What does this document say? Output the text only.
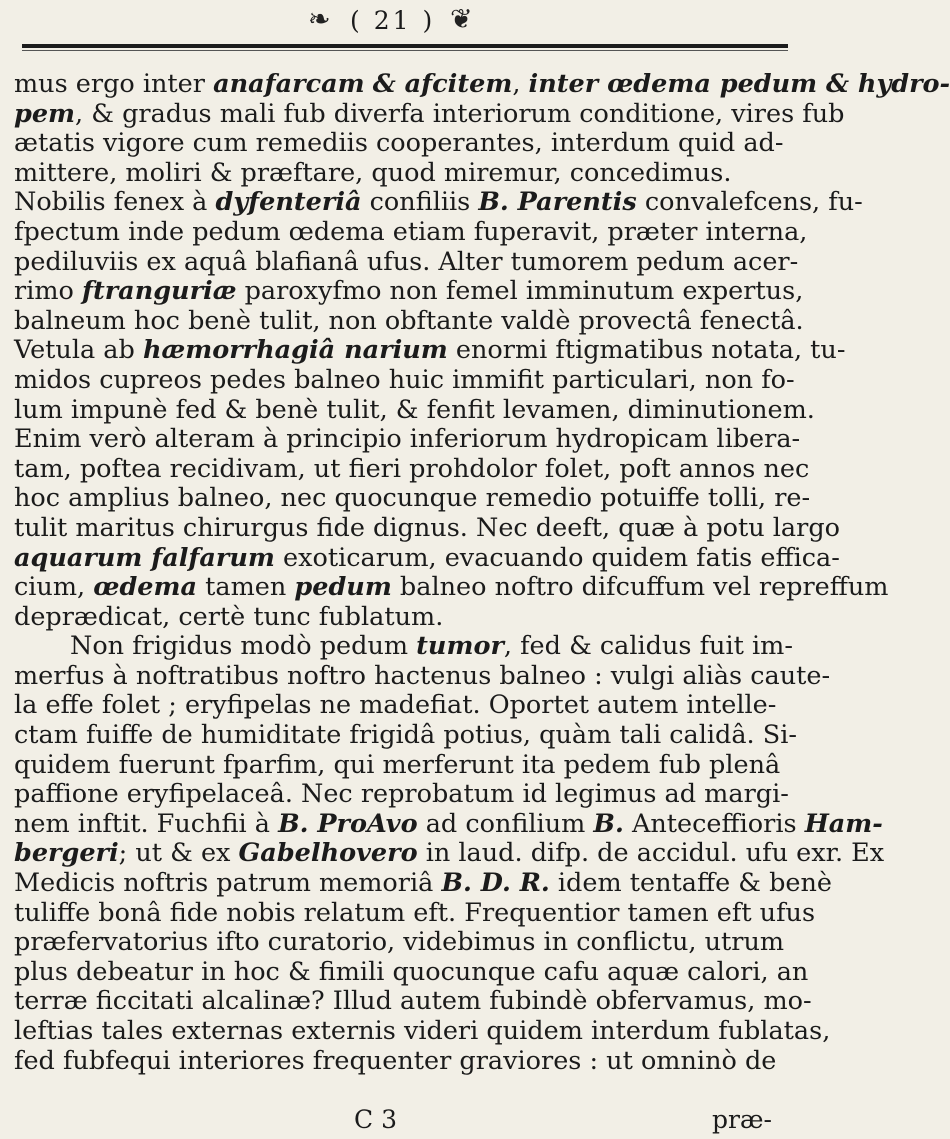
❧ ( 21 ) ❦
mus ergo inter anafarcam & afcitem, inter œdema pedum & hydro-
pem, & gradus mali fub diverfa interiorum conditione, vires fub
ætatis vigore cum remediis cooperantes, interdum quid ad-
mittere, moliri & præftare, quod miremur, concedimus.
Nobilis fenex à dyfenteriâ confiliis B. Parentis convalefcens, fu-
fpectum inde pedum œdema etiam fuperavit, præter interna,
pediluviis ex aquâ blafianâ ufus. Alter tumorem pedum acer-
rimo ftranguriæ paroxyfmo non femel imminutum expertus,
balneum hoc benè tulit, non obftante valdè provectâ fenectâ.
Vetula ab hæmorrhagiâ narium enormi ftigmatibus notata, tu-
midos cupreos pedes balneo huic immifit particulari, non fo-
lum impunè fed & benè tulit, & fenfit levamen, diminutionem.
Enim verò alteram à principio inferiorum hydropicam libera-
tam, poftea recidivam, ut fieri prohdolor folet, poft annos nec
hoc amplius balneo, nec quocunque remedio potuiffe tolli, re-
tulit maritus chirurgus fide dignus. Nec deeft, quæ à potu largo
aquarum falfarum exoticarum, evacuando quidem fatis effica-
cium, œdema tamen pedum balneo noftro difcuffum vel repreffum
deprædicat, certè tunc fublatum.
Non frigidus modò pedum tumor, fed & calidus fuit im-
merfus à noftratibus noftro hactenus balneo : vulgi aliàs caute-
la effe folet ; eryfipelas ne madefiat. Oportet autem intelle-
ctam fuiffe de humiditate frigidâ potius, quàm tali calidâ. Si-
quidem fuerunt fparfim, qui merferunt ita pedem fub plenâ
paffione eryfipelaceâ. Nec reprobatum id legimus ad margi-
nem inftit. Fuchfii à B. ProAvo ad confilium B. Anteceffioris Ham-
bergeri; ut & ex Gabelhovero in laud. difp. de accidul. ufu exr. Ex
Medicis noftris patrum memoriâ B. D. R. idem tentaffe & benè
tuliffe bonâ fide nobis relatum eft. Frequentior tamen eft ufus
præfervatorius ifto curatorio, videbimus in conflictu, utrum
plus debeatur in hoc & fimili quocunque cafu aquæ calori, an
terræ ficcitati alcalinæ? Illud autem fubindè obfervamus, mo-
leftias tales externas externis videri quidem interdum fublatas,
fed fubfequi interiores frequenter graviores : ut omninò de
C 3	præ-
